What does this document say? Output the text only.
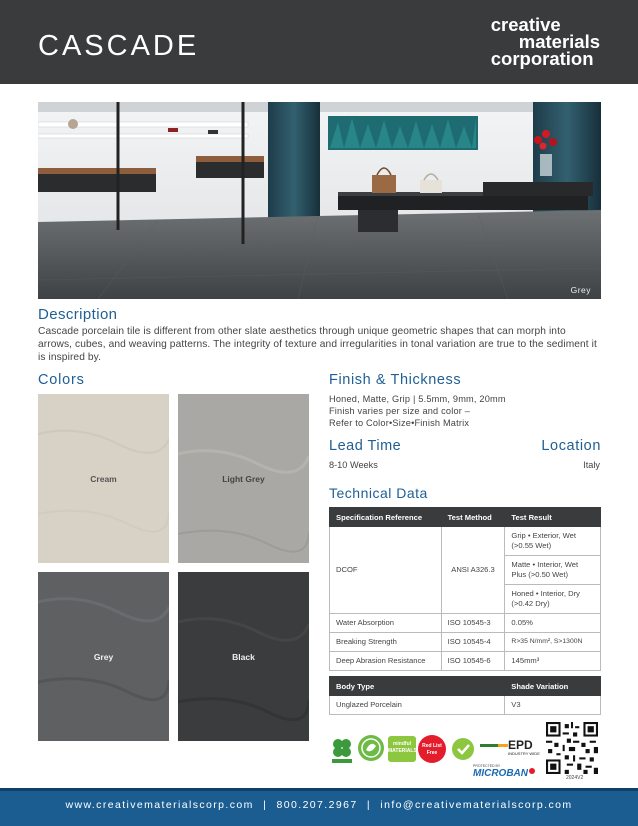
CASCADE
creative
materials
corporation
Grey
Description
Cascade porcelain tile is different from other slate aesthetics through unique geometric shapes that can morph into arrows, cubes, and weaving patterns. The integrity of texture and irregularities in tonal variation are true to the sediment it is inspired by.
Colors
Cream	Light Grey
Grey	Black
Finish & Thickness
Honed, Matte, Grip | 5.5mm, 9mm, 20mm
Finish varies per size and color –
Refer to Color•Size•Finish Matrix
Lead Time	Location
8-10 Weeks	Italy
Technical Data
Specification Reference	Test Method	Test Result
DCOF	ANSI A326.3	Grip • Exterior, Wet (>0.55 Wet)
		Matte • Interior, Wet Plus (>0.50 Wet)
		Honed • Interior, Dry (>0.42 Dry)
Water Absorption	ISO 10545-3	0.05%
Breaking Strength	ISO 10545-4	R>35 N/mm², S>1300N
Deep Abrasion Resistance	ISO 10545-6	145mm³
Body Type	Shade Variation
Unglazed Porcelain	V3
mindful MATERIALS
Red List Free
EPD
INDUSTRY WIDE
PROTECTED BY
MICROBAN	2024V2
www.creativematerialscorp.com | 800.207.2967 | info@creativematerialscorp.com
